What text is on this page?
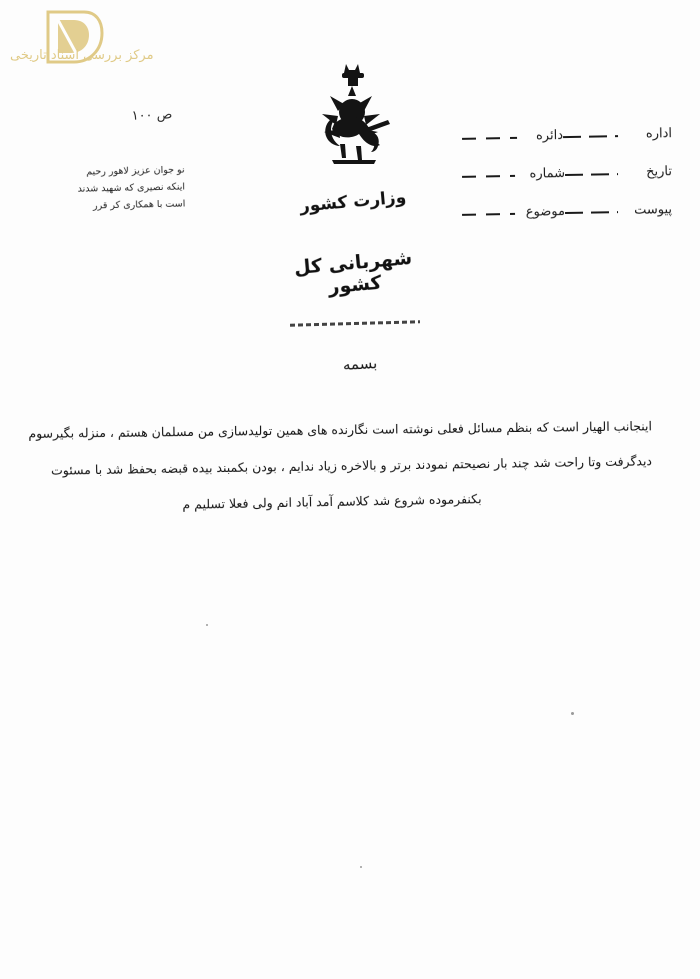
مرکز بررسی اسناد تاریخی
ص ۱۰۰
نو جوان عزیز لاهور رحیم
اینکه نصیری که شهید شدند
است با همکاری کر قرر	وزارت کشور
شهربانی کل کشور
اداره
دائره
تاریخ
شماره
پیوست
موضوع
بسمه
اینجانب الهیار است که بنظم مسائل فعلی نوشته است نگارنده های همین تولیدسازی من مسلمان هستم ، منزله بگیرسوم
دیدگرفت وتا راحت شد چند بار نصیحتم نمودند برتر و بالاخره زیاد ندایم ، بودن بکمبند بیده قبضه بحفظ شد با مسئوت
بکنفرموده شروع شد کلاسم آمد آباد انم ولی فعلا تسلیم م
